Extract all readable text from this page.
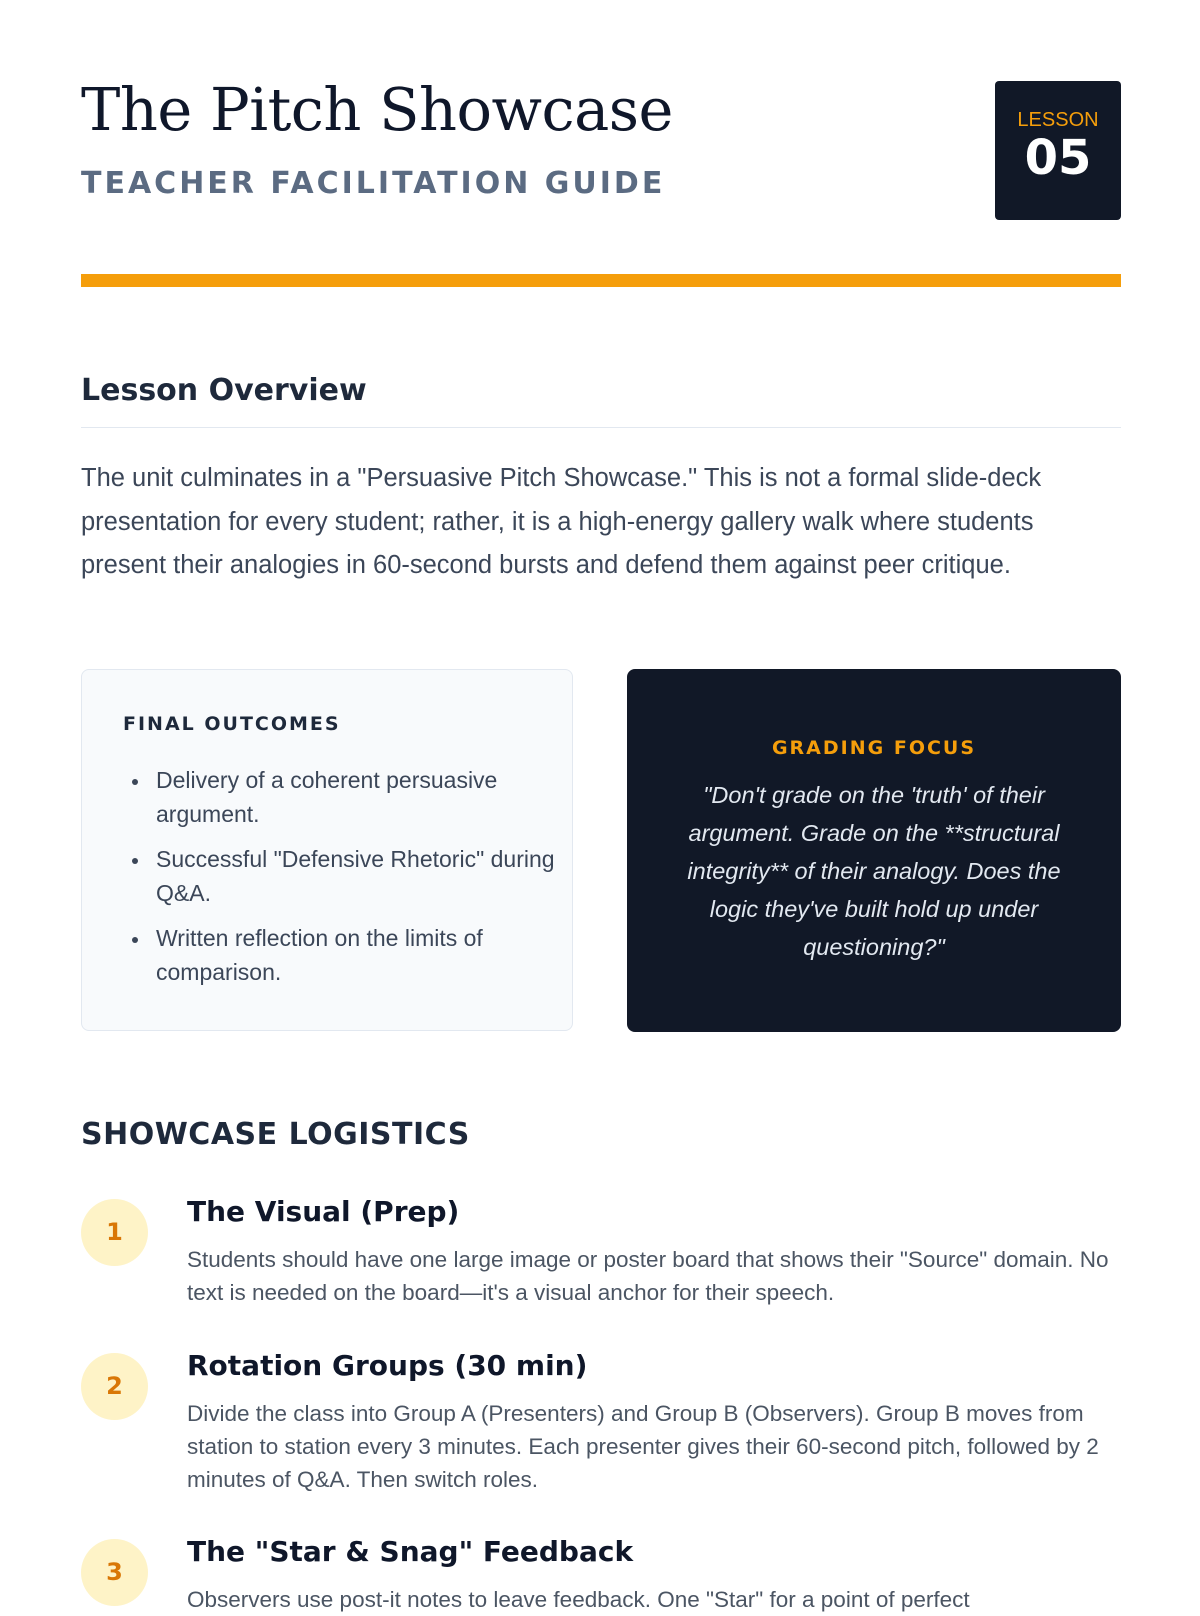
The Pitch Showcase
TEACHER FACILITATION GUIDE
LESSON
05
Lesson Overview

The unit culminates in a "Persuasive Pitch Showcase." This is not a formal slide-deck presentation for every student; rather, it is a high-energy gallery walk where students present their analogies in 60-second bursts and defend them against peer critique.

FINAL OUTCOMES
Delivery of a coherent persuasive argument.
Successful "Defensive Rhetoric" during Q&A.
Written reflection on the limits of comparison.
GRADING FOCUS

"Don't grade on the 'truth' of their argument. Grade on the **structural integrity** of their analogy. Does the logic they've built hold up under questioning?"

SHOWCASE LOGISTICS
1
The Visual (Prep)

Students should have one large image or poster board that shows their "Source" domain. No text is needed on the board—it's a visual anchor for their speech.

2
Rotation Groups (30 min)

Divide the class into Group A (Presenters) and Group B (Observers). Group B moves from station to station every 3 minutes. Each presenter gives their 60-second pitch, followed by 2 minutes of Q&A. Then switch roles.

3
The "Star & Snag" Feedback

Observers use post-it notes to leave feedback. One "Star" for a point of perfect
